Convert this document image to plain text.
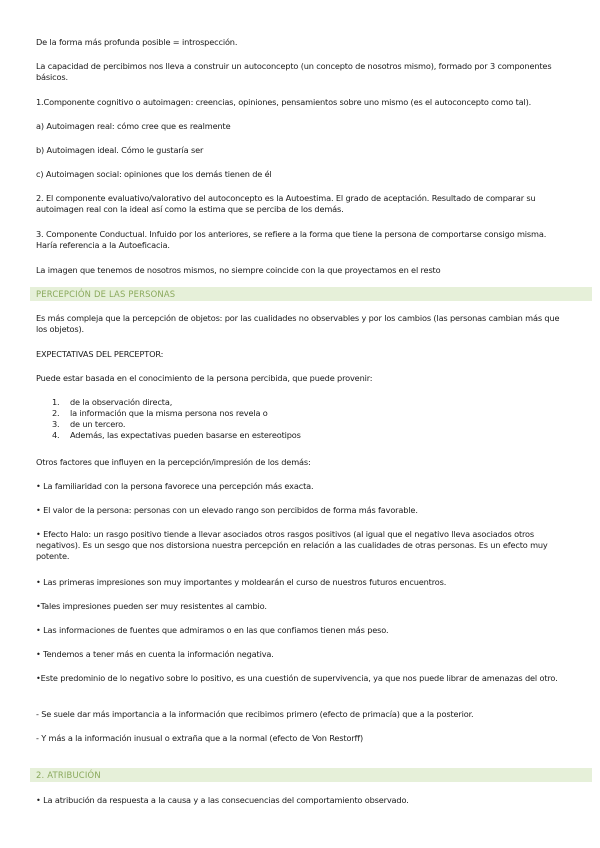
De la forma más profunda posible = introspección.

La capacidad de percibimos nos lleva a construir un autoconcepto (un concepto de nosotros mismo), formado por 3 componentes básicos.

1.Componente cognitivo o autoimagen: creencias, opiniones, pensamientos sobre uno mismo (es el autoconcepto como tal).

a) Autoimagen real: cómo cree que es realmente

b) Autoimagen ideal. Cómo le gustaría ser

c) Autoimagen social: opiniones que los demás tienen de él

2. El componente evaluativo/valorativo del autoconcepto es la Autoestima. El grado de aceptación. Resultado de comparar su autoimagen real con la ideal así como la estima que se perciba de los demás.

3. Componente Conductual. Infuido por los anteriores, se refiere a la forma que tiene la persona de comportarse consigo misma. Haría referencia a la Autoeficacia.

La imagen que tenemos de nosotros mismos, no siempre coincide con la que proyectamos en el resto

PERCEPCIÓN DE LAS PERSONAS

Es más compleja que la percepción de objetos: por las cualidades no observables y por los cambios (las personas cambian más que los objetos).

EXPECTATIVAS DEL PERCEPTOR:

Puede estar basada en el conocimiento de la persona percibida, que puede provenir:

1. de la observación directa,
2. la información que la misma persona nos revela o
3. de un tercero.
4. Además, las expectativas pueden basarse en estereotipos

Otros factores que influyen en la percepción/impresión de los demás:

• La familiaridad con la persona favorece una percepción más exacta.

• El valor de la persona: personas con un elevado rango son percibidos de forma más favorable.

• Efecto Halo: un rasgo positivo tiende a llevar asociados otros rasgos positivos (al igual que el negativo lleva asociados otros negativos). Es un sesgo que nos distorsiona nuestra percepción en relación a las cualidades de otras personas. Es un efecto muy potente.

• Las primeras impresiones son muy importantes y moldearán el curso de nuestros futuros encuentros.

•Tales impresiones pueden ser muy resistentes al cambio.

• Las informaciones de fuentes que admiramos o en las que confiamos tienen más peso.

• Tendemos a tener más en cuenta la información negativa.

•Este predominio de lo negativo sobre lo positivo, es una cuestión de supervivencia, ya que nos puede librar de amenazas del otro.

- Se suele dar más importancia a la información que recibimos primero (efecto de primacía) que a la posterior.

- Y más a la información inusual o extraña que a la normal (efecto de Von Restorff)

2. ATRIBUCIÓN

• La atribución da respuesta a la causa y a las consecuencias del comportamiento observado.
